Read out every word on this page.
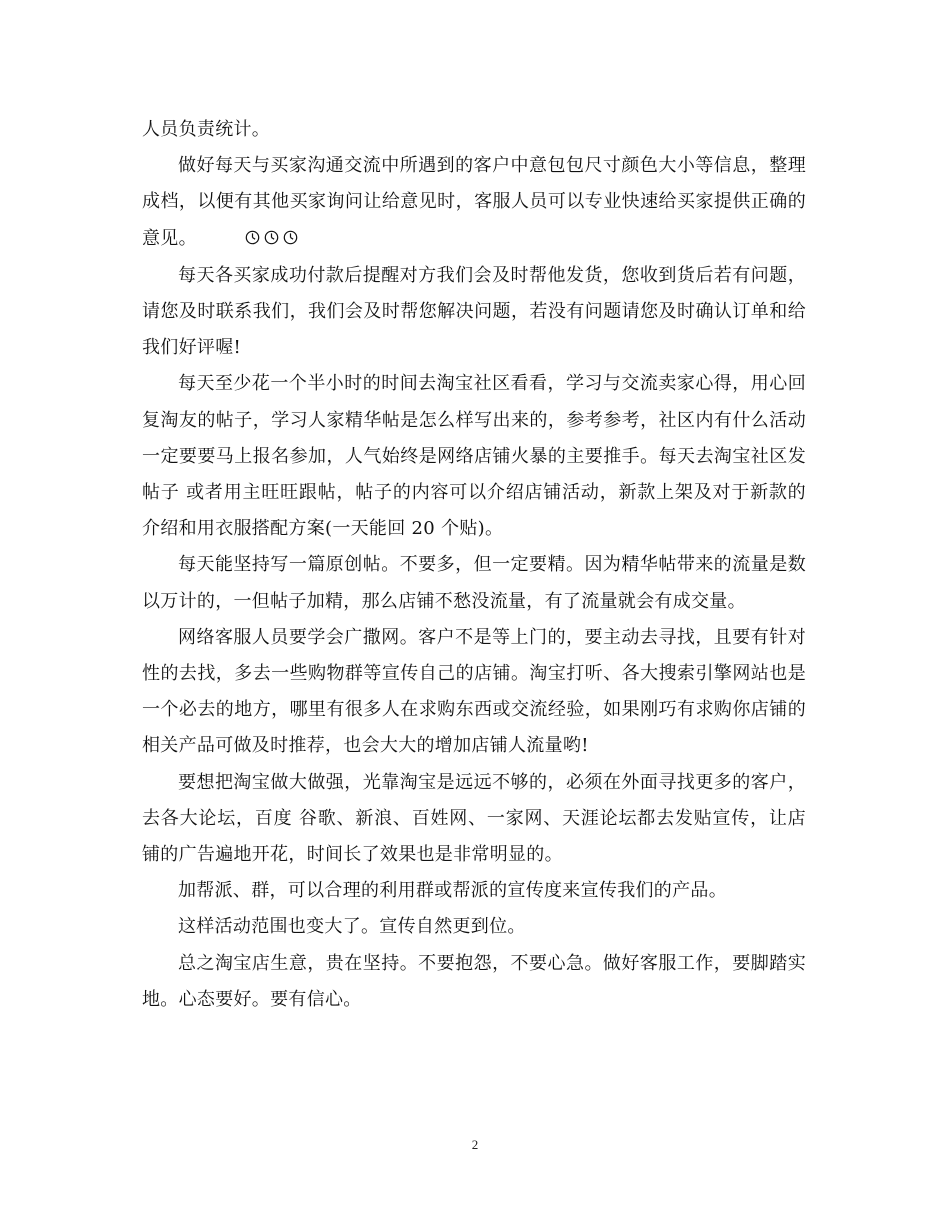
人员负责统计。

做好每天与买家沟通交流中所遇到的客户中意包包尺寸颜色大小等信息，整理成档，以便有其他买家询问让给意见时，客服人员可以专业快速给买家提供正确的意见。

每天各买家成功付款后提醒对方我们会及时帮他发货，您收到货后若有问题，请您及时联系我们，我们会及时帮您解决问题，若没有问题请您及时确认订单和给我们好评喔!

每天至少花一个半小时的时间去淘宝社区看看，学习与交流卖家心得，用心回复淘友的帖子，学习人家精华帖是怎么样写出来的，参考参考，社区内有什么活动一定要要马上报名参加，人气始终是网络店铺火暴的主要推手。每天去淘宝社区发帖子 或者用主旺旺跟帖，帖子的内容可以介绍店铺活动，新款上架及对于新款的介绍和用衣服搭配方案(一天能回 20 个贴)。

每天能坚持写一篇原创帖。不要多，但一定要精。因为精华帖带来的流量是数以万计的，一但帖子加精，那么店铺不愁没流量，有了流量就会有成交量。

网络客服人员要学会广撒网。客户不是等上门的，要主动去寻找，且要有针对性的去找，多去一些购物群等宣传自己的店铺。淘宝打听、各大搜索引擎网站也是一个必去的地方，哪里有很多人在求购东西或交流经验，如果刚巧有求购你店铺的相关产品可做及时推荐，也会大大的增加店铺人流量哟!

要想把淘宝做大做强，光靠淘宝是远远不够的，必须在外面寻找更多的客户，去各大论坛，百度 谷歌、新浪、百姓网、一家网、天涯论坛都去发贴宣传，让店铺的广告遍地开花，时间长了效果也是非常明显的。

加帮派、群，可以合理的利用群或帮派的宣传度来宣传我们的产品。

这样活动范围也变大了。宣传自然更到位。

总之淘宝店生意，贵在坚持。不要抱怨，不要心急。做好客服工作，要脚踏实地。心态要好。要有信心。

2
